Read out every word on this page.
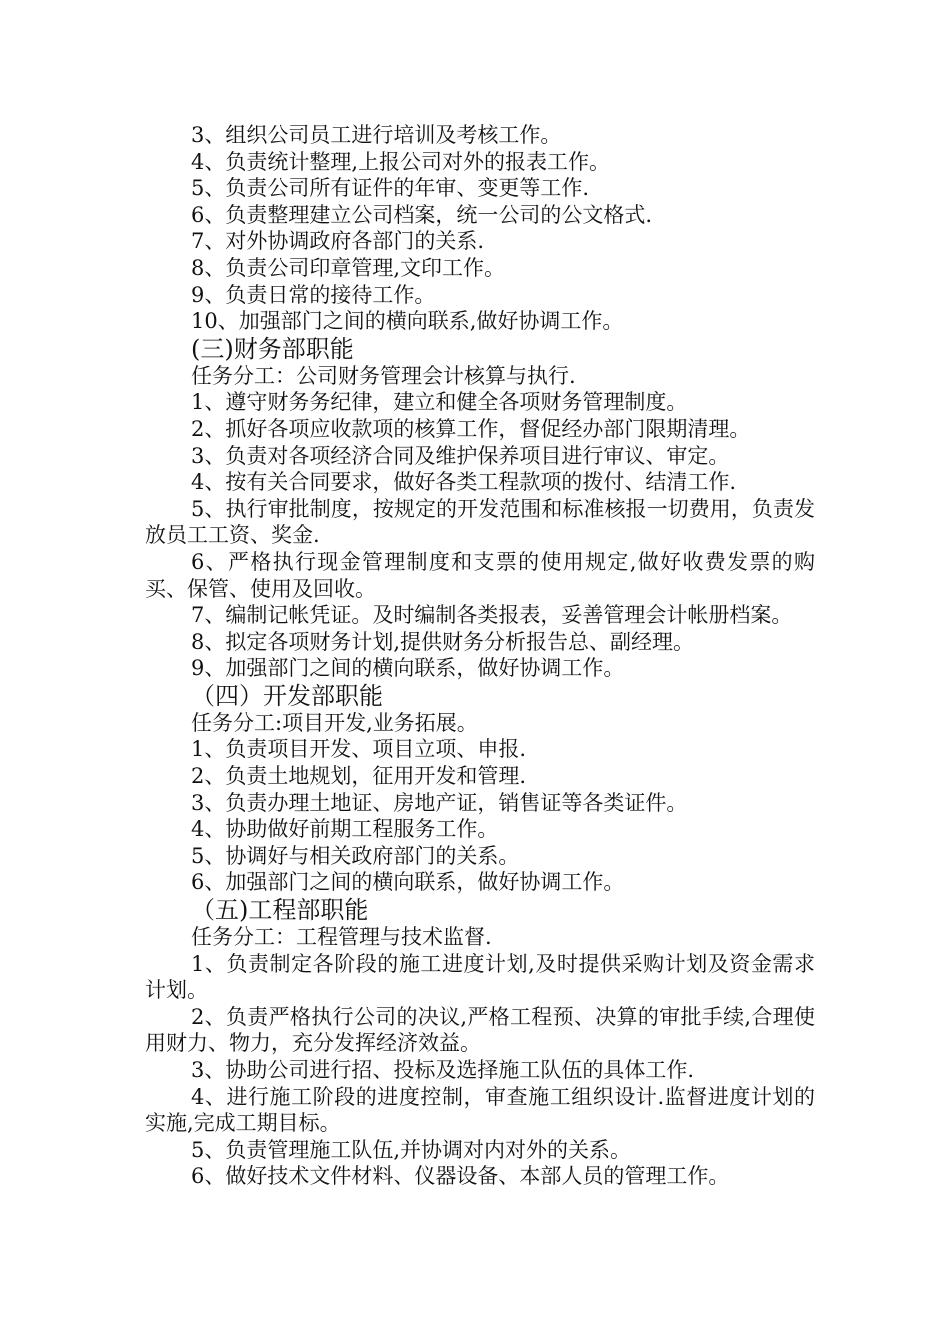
3、组织公司员工进行培训及考核工作。

4、负责统计整理,上报公司对外的报表工作。

5、负责公司所有证件的年审、变更等工作.

6、负责整理建立公司档案，统一公司的公文格式.

7、对外协调政府各部门的关系.

8、负责公司印章管理,文印工作。

9、负责日常的接待工作。

10、加强部门之间的横向联系,做好协调工作。

(三)财务部职能

任务分工：公司财务管理会计核算与执行.

1、遵守财务务纪律，建立和健全各项财务管理制度。

2、抓好各项应收款项的核算工作，督促经办部门限期清理。

3、负责对各项经济合同及维护保养项目进行审议、审定。

4、按有关合同要求，做好各类工程款项的拨付、结清工作.

5、执行审批制度，按规定的开发范围和标准核报一切费用，负责发放员工工资、奖金.

6、严格执行现金管理制度和支票的使用规定,做好收费发票的购买、保管、使用及回收。

7、编制记帐凭证。及时编制各类报表，妥善管理会计帐册档案。

8、拟定各项财务计划,提供财务分析报告总、副经理。

9、加强部门之间的横向联系，做好协调工作。

（四）开发部职能

任务分工:项目开发,业务拓展。

1、负责项目开发、项目立项、申报.

2、负责土地规划，征用开发和管理.

3、负责办理土地证、房地产证，销售证等各类证件。

4、协助做好前期工程服务工作。

5、协调好与相关政府部门的关系。

6、加强部门之间的横向联系，做好协调工作。

（五)工程部职能

任务分工：工程管理与技术监督.

1、负责制定各阶段的施工进度计划,及时提供采购计划及资金需求计划。

2、负责严格执行公司的决议,严格工程预、决算的审批手续,合理使用财力、物力，充分发挥经济效益。

3、协助公司进行招、投标及选择施工队伍的具体工作.

4、进行施工阶段的进度控制，审查施工组织设计.监督进度计划的实施,完成工期目标。

5、负责管理施工队伍,并协调对内对外的关系。

6、做好技术文件材料、仪器设备、本部人员的管理工作。
